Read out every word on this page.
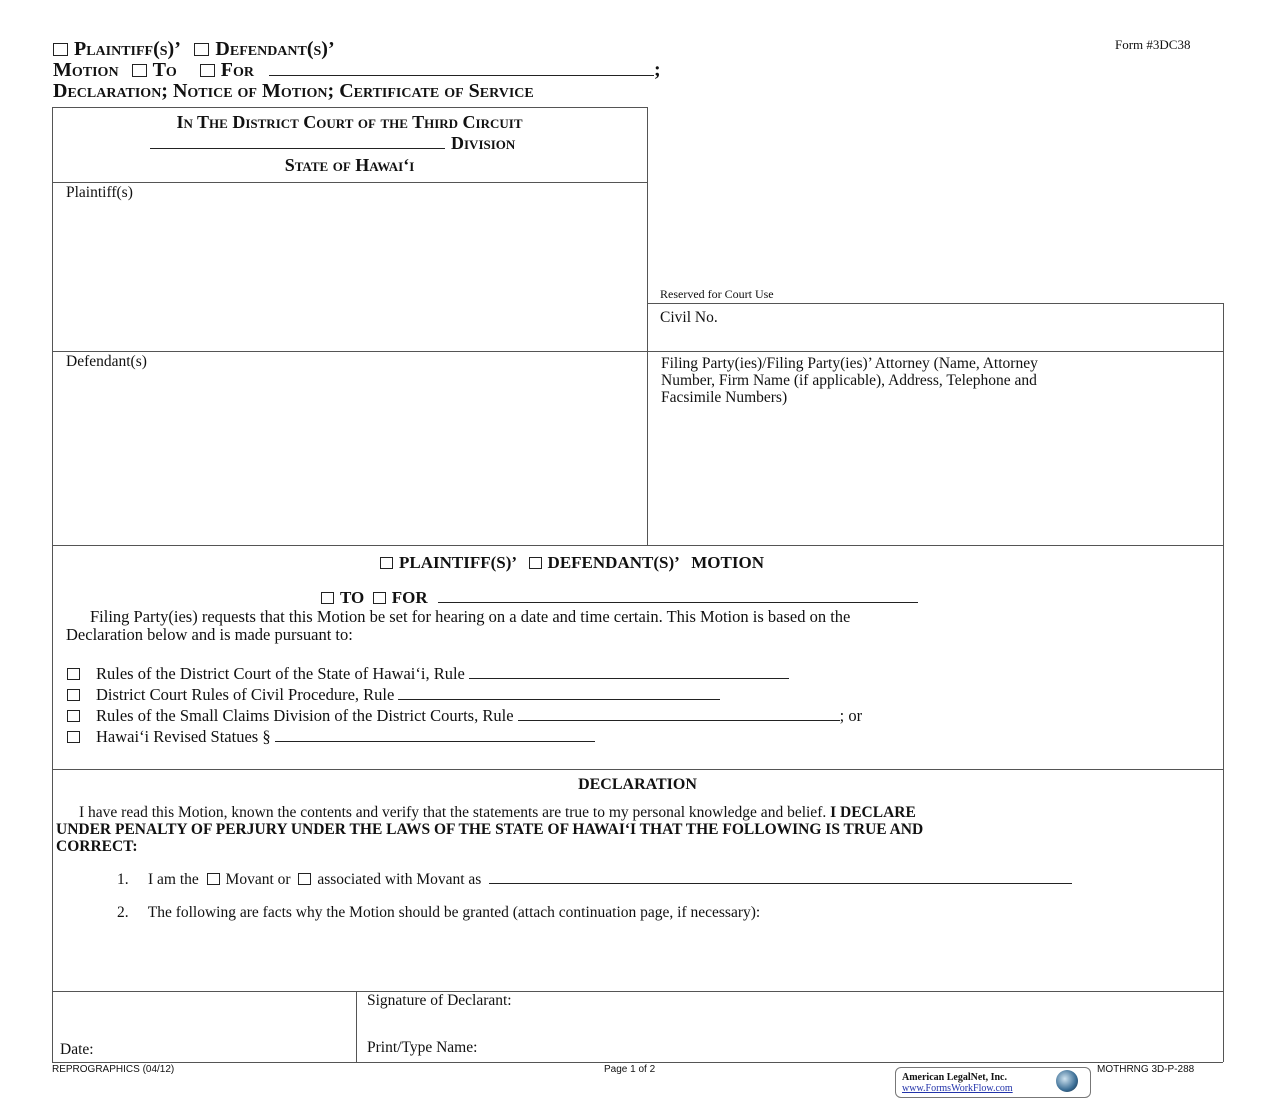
Plaintiff(s)’ Defendant(s)’
Motion To For	;
Declaration; Notice of Motion; Certificate of Service
Form #3DC38
In The District Court of the Third Circuit
Division
State of Hawai‘i
Plaintiff(s)
Reserved for Court Use
Civil No.
Defendant(s)	Filing Party(ies)/Filing Party(ies)’ Attorney (Name, Attorney
Number, Firm Name (if applicable), Address, Telephone and
Facsimile Numbers)
PLAINTIFF(S)’ DEFENDANT(S)’ MOTION
TO FOR
Filing Party(ies) requests that this Motion be set for hearing on a date and time certain. This Motion is based on the
Declaration below and is made pursuant to:
Rules of the District Court of the State of Hawai‘i, Rule
District Court Rules of Civil Procedure, Rule
Rules of the Small Claims Division of the District Courts, Rule	; or
Hawai‘i Revised Statues §
DECLARATION
I have read this Motion, known the contents and verify that the statements are true to my personal knowledge and belief. I DECLARE
UNDER PENALTY OF PERJURY UNDER THE LAWS OF THE STATE OF HAWAI‘I THAT THE FOLLOWING IS TRUE AND
CORRECT:
1. I am the Movant or associated with Movant as
2. The following are facts why the Motion should be granted (attach continuation page, if necessary):
Date:
Signature of Declarant:
Print/Type Name:
REPROGRAPHICS (04/12)	Page 1 of 2	MOTHRNG 3D-P-288
American LegalNet, Inc.
www.FormsWorkFlow.com
